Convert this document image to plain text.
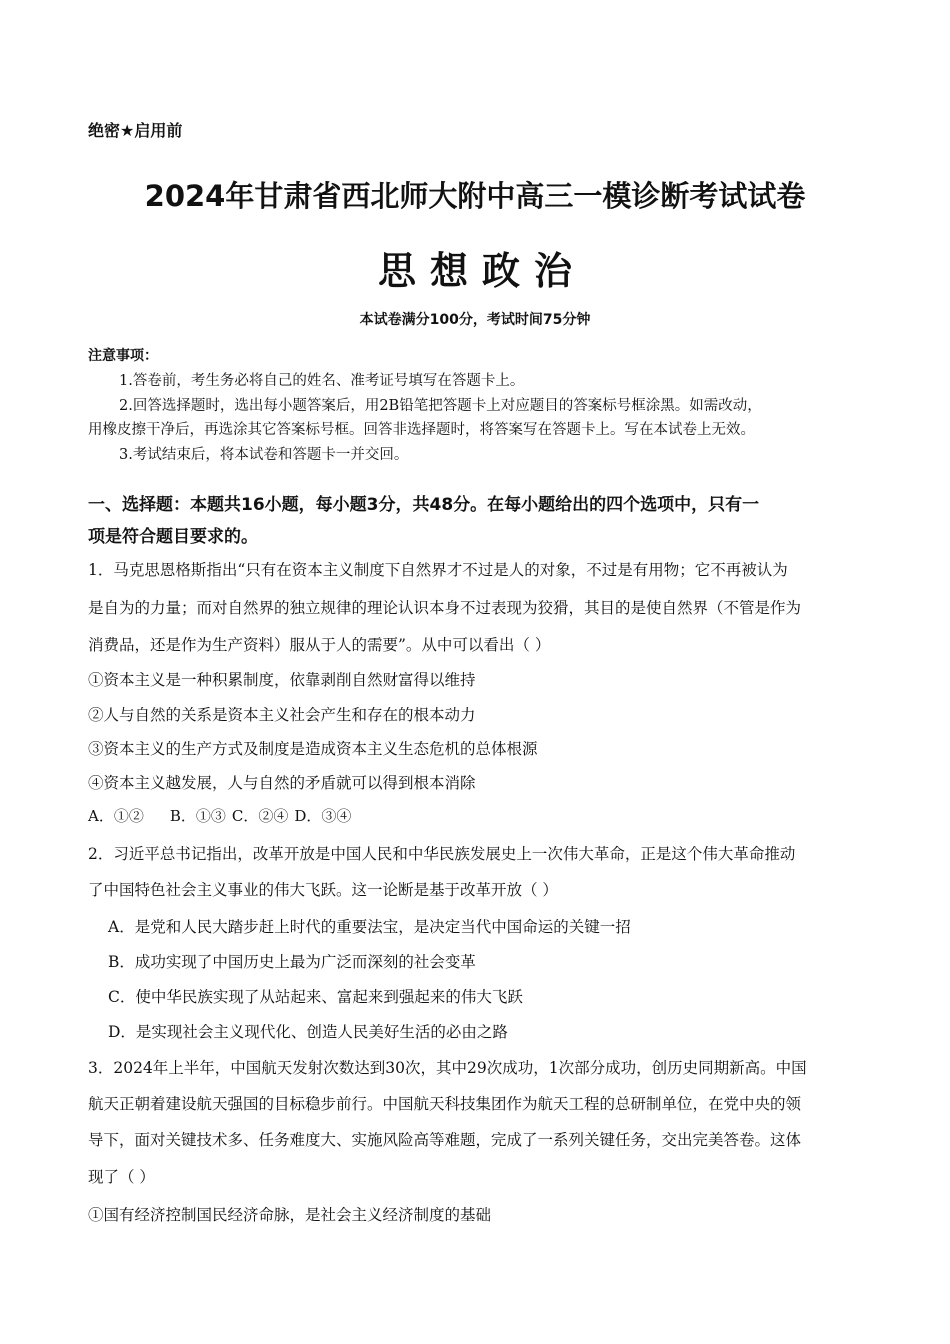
绝密★启用前
2024年甘肃省西北师大附中高三一模诊断考试试卷
思想政治
本试卷满分100分，考试时间75分钟
注意事项：
1.答卷前，考生务必将自己的姓名、准考证号填写在答题卡上。
2.回答选择题时，选出每小题答案后，用2B铅笔把答题卡上对应题目的答案标号框涂黑。如需改动，
用橡皮擦干净后，再选涂其它答案标号框。回答非选择题时，将答案写在答题卡上。写在本试卷上无效。
3.考试结束后，将本试卷和答题卡一并交回。
一、选择题：本题共16小题，每小题3分，共48分。在每小题给出的四个选项中，只有一
项是符合题目要求的。
1．马克思恩格斯指出“只有在资本主义制度下自然界才不过是人的对象，不过是有用物；它不再被认为
是自为的力量；而对自然界的独立规律的理论认识本身不过表现为狡猾，其目的是使自然界（不管是作为
消费品，还是作为生产资料）服从于人的需要”。从中可以看出（ ）
①资本主义是一种积累制度，依靠剥削自然财富得以维持
②人与自然的关系是资本主义社会产生和存在的根本动力
③资本主义的生产方式及制度是造成资本主义生态危机的总体根源
④资本主义越发展，人与自然的矛盾就可以得到根本消除
A．①② B．①③ C．②④ D．③④
2．习近平总书记指出，改革开放是中国人民和中华民族发展史上一次伟大革命，正是这个伟大革命推动
了中国特色社会主义事业的伟大飞跃。这一论断是基于改革开放（ ）
A．是党和人民大踏步赶上时代的重要法宝，是决定当代中国命运的关键一招
B．成功实现了中国历史上最为广泛而深刻的社会变革
C．使中华民族实现了从站起来、富起来到强起来的伟大飞跃
D．是实现社会主义现代化、创造人民美好生活的必由之路
3．2024年上半年，中国航天发射次数达到30次，其中29次成功，1次部分成功，创历史同期新高。中国
航天正朝着建设航天强国的目标稳步前行。中国航天科技集团作为航天工程的总研制单位，在党中央的领
导下，面对关键技术多、任务难度大、实施风险高等难题，完成了一系列关键任务，交出完美答卷。这体
现了（ ）
①国有经济控制国民经济命脉，是社会主义经济制度的基础
